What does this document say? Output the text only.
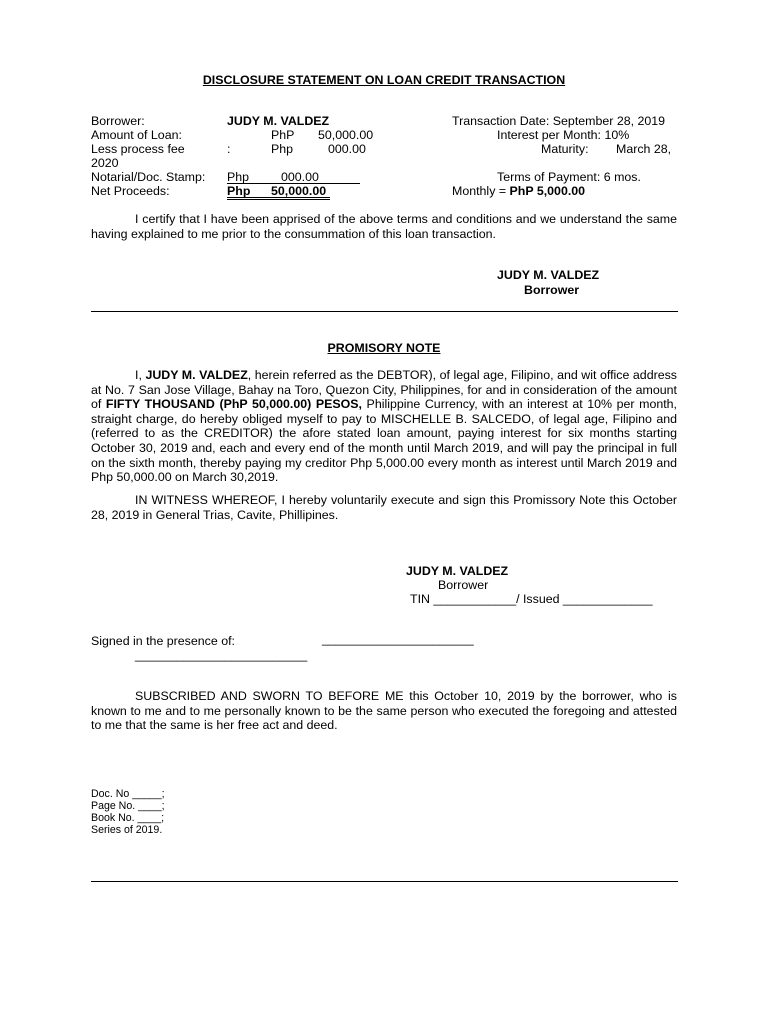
DISCLOSURE STATEMENT ON LOAN CREDIT TRANSACTION
Borrower:	JUDY M. VALDEZ	Transaction Date: September 28, 2019
Amount of Loan:	PhP 50,000.00	Interest per Month: 10%
Less process fee	:	Php	000.00	Maturity: March 28,
2020
Notarial/Doc. Stamp: Php	000.00	Terms of Payment: 6 mos.
Net Proceeds:	Php 50,000.00	Monthly = PhP 5,000.00
I certify that I have been apprised of the above terms and conditions and we understand the same having explained to me prior to the consummation of this loan transaction.
JUDY M. VALDEZ
Borrower
PROMISORY NOTE
I, JUDY M. VALDEZ, herein referred as the DEBTOR), of legal age, Filipino, and wit office address at No. 7 San Jose Village, Bahay na Toro, Quezon City, Philippines, for and in consideration of the amount of FIFTY THOUSAND (PhP 50,000.00) PESOS, Philippine Currency, with an interest at 10% per month, straight charge, do hereby obliged myself to pay to MISCHELLE B. SALCEDO, of legal age, Filipino and (referred to as the CREDITOR) the afore stated loan amount, paying interest for six months starting October 30, 2019 and, each and every end of the month until March 2019, and will pay the principal in full on the sixth month, thereby paying my creditor Php 5,000.00 every month as interest until March 2019 and Php 50,000.00 on March 30,2019.
IN WITNESS WHEREOF, I hereby voluntarily execute and sign this Promissory Note this October 28, 2019 in General Trias, Cavite, Phillipines.
JUDY M. VALDEZ
Borrower
TIN ____________/ Issued _____________
Signed in the presence of:	______________________
_________________________
SUBSCRIBED AND SWORN TO BEFORE ME this October 10, 2019 by the borrower, who is known to me and to me personally known to be the same person who executed the foregoing and attested to me that the same is her free act and deed.
Doc. No _____;
Page No. ____;
Book No. ____;
Series of 2019.
